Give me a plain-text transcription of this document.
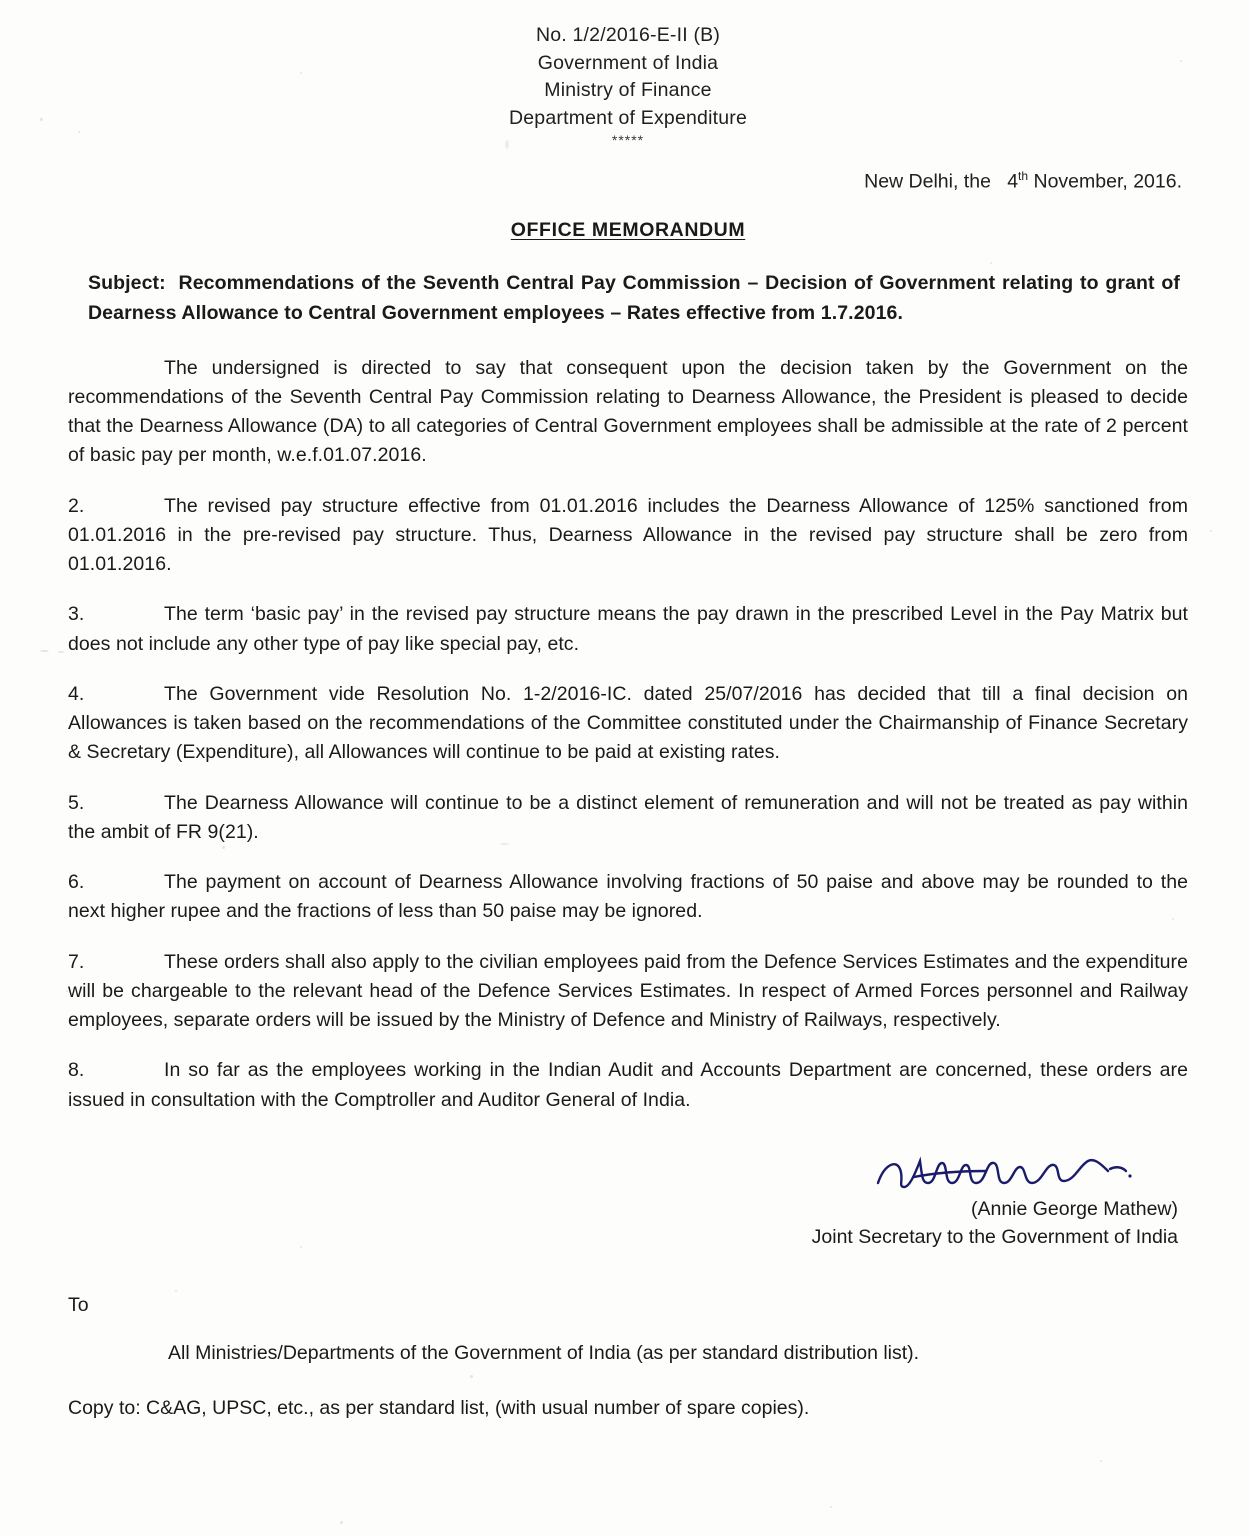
No. 1/2/2016-E-II (B)
Government of India
Ministry of Finance
Department of Expenditure
*****
New Delhi, the 4th November, 2016.
OFFICE MEMORANDUM
Subject: Recommendations of the Seventh Central Pay Commission – Decision of Government relating to grant of Dearness Allowance to Central Government employees – Rates effective from 1.7.2016.
The undersigned is directed to say that consequent upon the decision taken by the Government on the recommendations of the Seventh Central Pay Commission relating to Dearness Allowance, the President is pleased to decide that the Dearness Allowance (DA) to all categories of Central Government employees shall be admissible at the rate of 2 percent of basic pay per month, w.e.f.01.07.2016.
2.	The revised pay structure effective from 01.01.2016 includes the Dearness Allowance of 125% sanctioned from 01.01.2016 in the pre-revised pay structure. Thus, Dearness Allowance in the revised pay structure shall be zero from 01.01.2016.
3.	The term ‘basic pay’ in the revised pay structure means the pay drawn in the prescribed Level in the Pay Matrix but does not include any other type of pay like special pay, etc.
4.	The Government vide Resolution No. 1-2/2016-IC. dated 25/07/2016 has decided that till a final decision on Allowances is taken based on the recommendations of the Committee constituted under the Chairmanship of Finance Secretary & Secretary (Expenditure), all Allowances will continue to be paid at existing rates.
5.	The Dearness Allowance will continue to be a distinct element of remuneration and will not be treated as pay within the ambit of FR 9(21).
6.	The payment on account of Dearness Allowance involving fractions of 50 paise and above may be rounded to the next higher rupee and the fractions of less than 50 paise may be ignored.
7.	These orders shall also apply to the civilian employees paid from the Defence Services Estimates and the expenditure will be chargeable to the relevant head of the Defence Services Estimates. In respect of Armed Forces personnel and Railway employees, separate orders will be issued by the Ministry of Defence and Ministry of Railways, respectively.
8.	In so far as the employees working in the Indian Audit and Accounts Department are concerned, these orders are issued in consultation with the Comptroller and Auditor General of India.
(Annie George Mathew)
Joint Secretary to the Government of India
To
All Ministries/Departments of the Government of India (as per standard distribution list).
Copy to: C&AG, UPSC, etc., as per standard list, (with usual number of spare copies).
